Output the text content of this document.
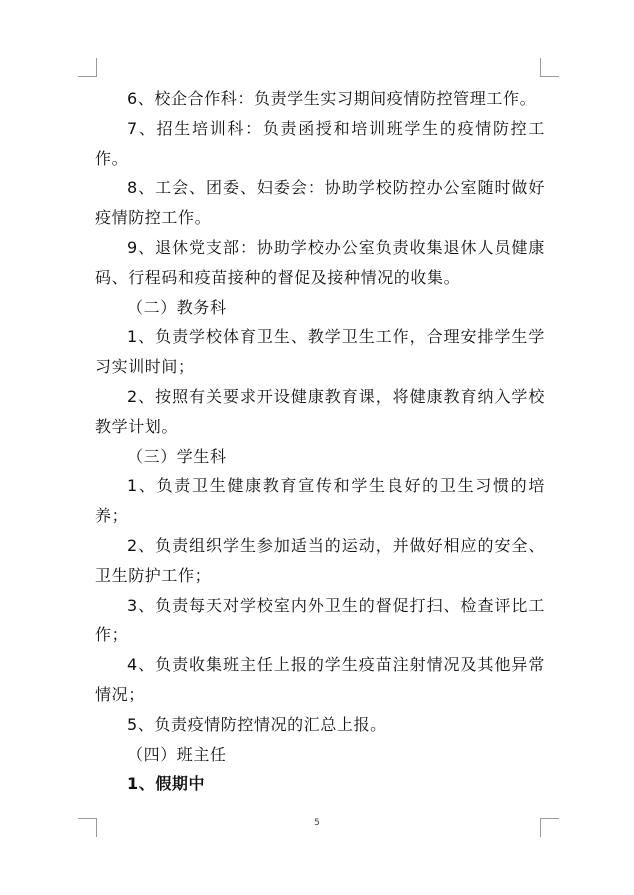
6、校企合作科：负责学生实习期间疫情防控管理工作。

7、招生培训科：负责函授和培训班学生的疫情防控工作。

8、工会、团委、妇委会：协助学校防控办公室随时做好疫情防控工作。

9、退休党支部：协助学校办公室负责收集退休人员健康码、行程码和疫苗接种的督促及接种情况的收集。

（二）教务科

1、负责学校体育卫生、教学卫生工作，合理安排学生学习实训时间；

2、按照有关要求开设健康教育课，将健康教育纳入学校教学计划。

（三）学生科

1、负责卫生健康教育宣传和学生良好的卫生习惯的培养；

2、负责组织学生参加适当的运动，并做好相应的安全、卫生防护工作；

3、负责每天对学校室内外卫生的督促打扫、检查评比工作；

4、负责收集班主任上报的学生疫苗注射情况及其他异常情况；

5、负责疫情防控情况的汇总上报。

（四）班主任

1、假期中

5
